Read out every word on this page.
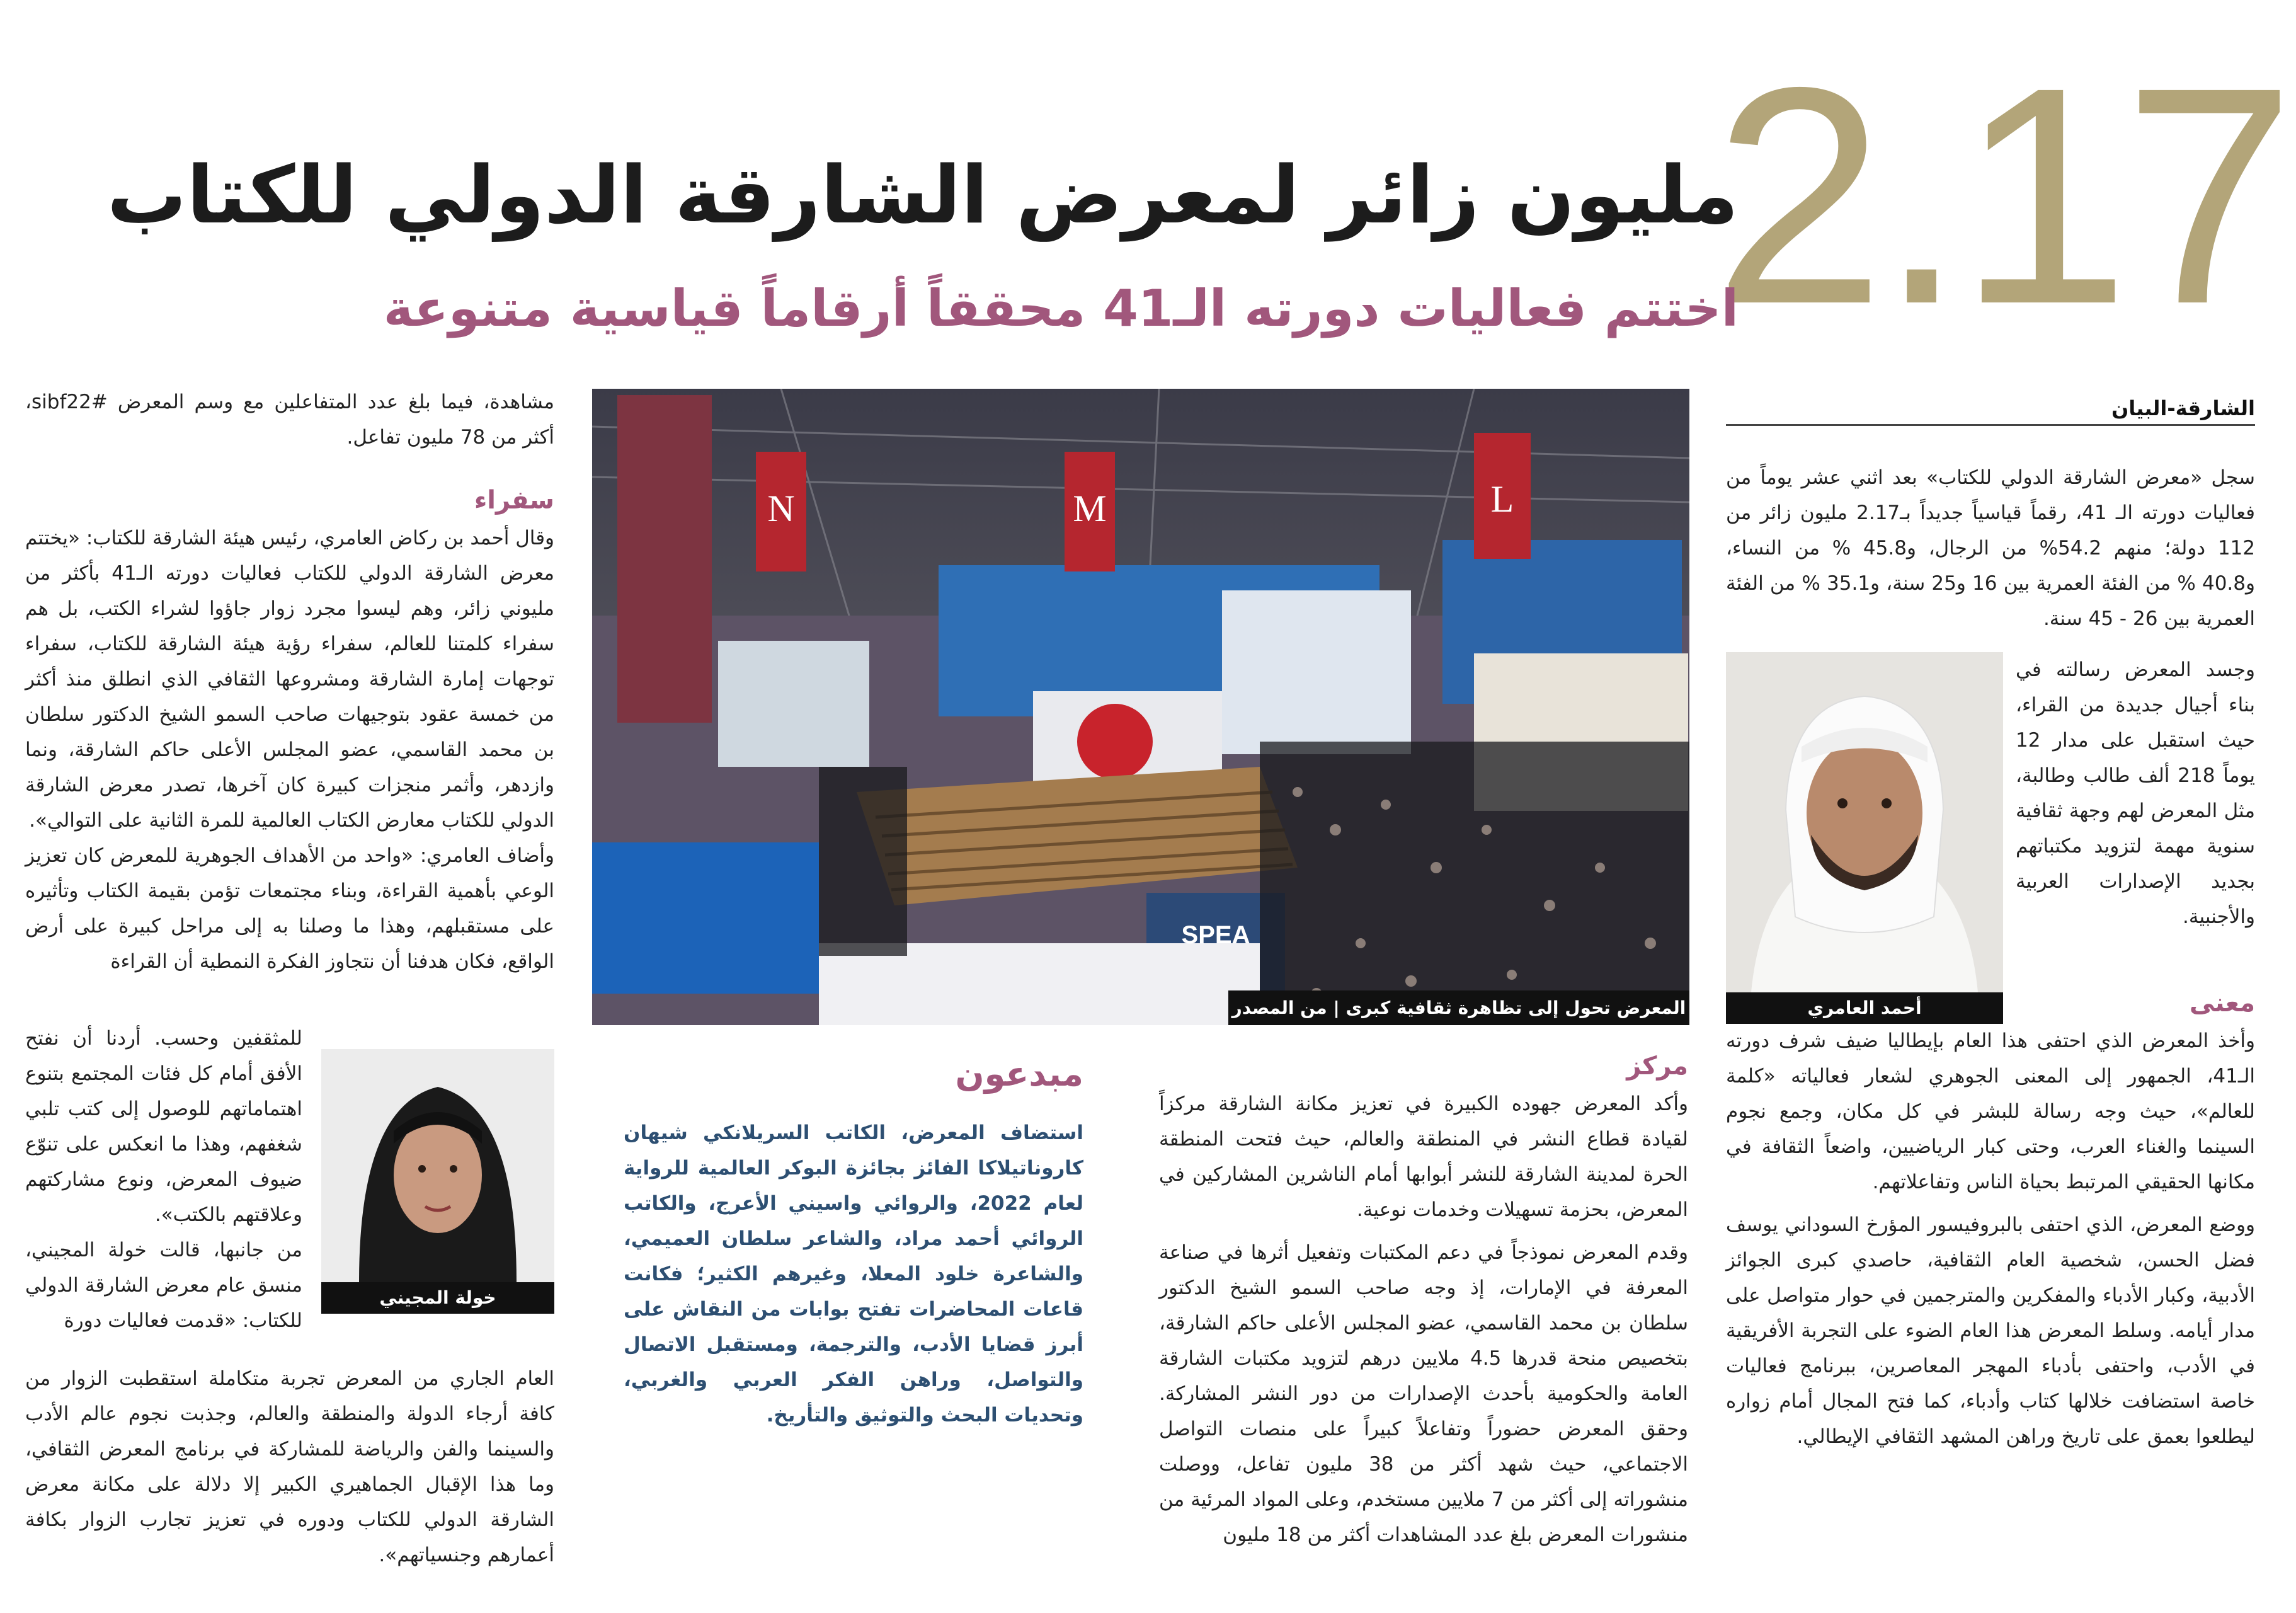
2.17
مليون زائر لمعرض الشارقة الدولي للكتاب
اختتم فعاليات دورته الـ41 محققاً أرقاماً قياسية متنوعة
الشارقة-البيان

سجل «معرض الشارقة الدولي للكتاب» بعد اثني عشر يوماً من فعاليات دورته الـ 41، رقماً قياسياً جديداً بـ2.17 مليون زائر من 112 دولة؛ منهم 54.2% من الرجال، و45.8 % من النساء، و40.8 % من الفئة العمرية بين 16 و25 سنة، و35.1 % من الفئة العمرية بين 26 - 45 سنة.

أحمد العامري

وجسد المعرض رسالته في بناء أجيال جديدة من القراء، حيث استقبل على مدار 12 يوماً 218 ألف طالب وطالبة، مثل المعرض لهم وجهة ثقافية سنوية مهمة لتزويد مكتباتهم بجديد الإصدارات العربية والأجنبية.

معنى

وأخذ المعرض الذي احتفى هذا العام بإيطاليا ضيف شرف دورته الـ41، الجمهور إلى المعنى الجوهري لشعار فعالياته «كلمة للعالم»، حيث وجه رسالة للبشر في كل مكان، وجمع نجوم السينما والغناء العرب، وحتى كبار الرياضيين، واضعاً الثقافة في مكانها الحقيقي المرتبط بحياة الناس وتفاعلاتهم.

ووضع المعرض، الذي احتفى بالبروفيسور المؤرخ السوداني يوسف فضل الحسن، شخصية العام الثقافية، حاصدي كبرى الجوائز الأدبية، وكبار الأدباء والمفكرين والمترجمين في حوار متواصل على مدار أيامه. وسلط المعرض هذا العام الضوء على التجربة الأفريقية في الأدب، واحتفى بأدباء المهجر المعاصرين، ببرنامج فعاليات خاصة استضافت خلالها كتاب وأدباء، كما فتح المجال أمام زواره ليطلعوا بعمق على تاريخ وراهن المشهد الثقافي الإيطالي.

N	M	L
SPEA
المعرض تحول إلى تظاهرة ثقافية كبرى | من المصدر
مركز

وأكد المعرض جهوده الكبيرة في تعزيز مكانة الشارقة مركزاً لقيادة قطاع النشر في المنطقة والعالم، حيث فتحت المنطقة الحرة لمدينة الشارقة للنشر أبوابها أمام الناشرين المشاركين في المعرض، بحزمة تسهيلات وخدمات نوعية.

وقدم المعرض نموذجاً في دعم المكتبات وتفعيل أثرها في صناعة المعرفة في الإمارات، إذ وجه صاحب السمو الشيخ الدكتور سلطان بن محمد القاسمي، عضو المجلس الأعلى حاكم الشارقة، بتخصيص منحة قدرها 4.5 ملايين درهم لتزويد مكتبات الشارقة العامة والحكومية بأحدث الإصدارات من دور النشر المشاركة. وحقق المعرض حضوراً وتفاعلاً كبيراً على منصات التواصل الاجتماعي، حيث شهد أكثر من 38 مليون تفاعل، ووصلت منشوراته إلى أكثر من 7 ملايين مستخدم، وعلى المواد المرئية من منشورات المعرض بلغ عدد المشاهدات أكثر من 18 مليون

مبدعون

استضاف المعرض، الكاتب السريلانكي شيهان كاروناتيلاكا الفائز بجائزة البوكر العالمية للرواية لعام 2022، والروائي واسيني الأعرج، والكاتب الروائي أحمد مراد، والشاعر سلطان العميمي، والشاعرة خلود المعلا، وغيرهم الكثير؛ فكانت قاعات المحاضرات تفتح بوابات من النقاش على أبرز قضايا الأدب، والترجمة، ومستقبل الاتصال والتواصل، وراهن الفكر العربي والغربي، وتحديات البحث والتوثيق والتأريخ.

مشاهدة، فيما بلغ عدد المتفاعلين مع وسم المعرض #sibf22، أكثر من 78 مليون تفاعل.

سفراء

وقال أحمد بن ركاض العامري، رئيس هيئة الشارقة للكتاب: «يختتم معرض الشارقة الدولي للكتاب فعاليات دورته الـ41 بأكثر من مليوني زائر، وهم ليسوا مجرد زوار جاؤوا لشراء الكتب، بل هم سفراء كلمتنا للعالم، سفراء رؤية هيئة الشارقة للكتاب، سفراء توجهات إمارة الشارقة ومشروعها الثقافي الذي انطلق منذ أكثر من خمسة عقود بتوجيهات صاحب السمو الشيخ الدكتور سلطان بن محمد القاسمي، عضو المجلس الأعلى حاكم الشارقة، ونما وازدهر، وأثمر منجزات كبيرة كان آخرها، تصدر معرض الشارقة الدولي للكتاب معارض الكتاب العالمية للمرة الثانية على التوالي».

وأضاف العامري: «واحد من الأهداف الجوهرية للمعرض كان تعزيز الوعي بأهمية القراءة، وبناء مجتمعات تؤمن بقيمة الكتاب وتأثيره على مستقبلهم، وهذا ما وصلنا به إلى مراحل كبيرة على أرض الواقع، فكان هدفنا أن نتجاوز الفكرة النمطية أن القراءة

للمثقفين وحسب. أردنا أن نفتح الأفق أمام كل فئات المجتمع بتنوع اهتماماتهم للوصول إلى كتب تلبي شغفهم، وهذا ما انعكس على تنوّع ضيوف المعرض، ونوع مشاركتهم وعلاقتهم بالكتب».

من جانبها، قالت خولة المجيني، منسق عام معرض الشارقة الدولي للكتاب: «قدمت فعاليات دورة

خولة المجيني

العام الجاري من المعرض تجربة متكاملة استقطبت الزوار من كافة أرجاء الدولة والمنطقة والعالم، وجذبت نجوم عالم الأدب والسينما والفن والرياضة للمشاركة في برنامج المعرض الثقافي، وما هذا الإقبال الجماهيري الكبير إلا دلالة على مكانة معرض الشارقة الدولي للكتاب ودوره في تعزيز تجارب الزوار بكافة أعمارهم وجنسياتهم».
